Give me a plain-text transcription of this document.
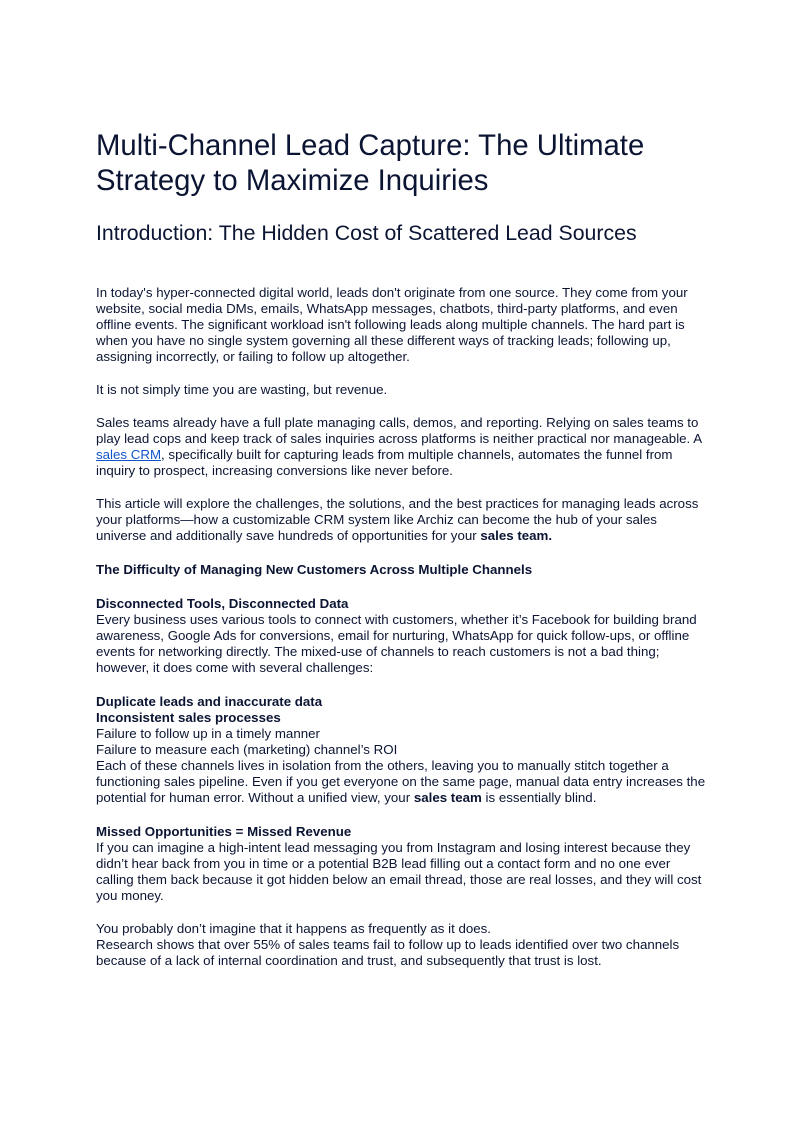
Multi-Channel Lead Capture: The Ultimate
Strategy to Maximize Inquiries
Introduction: The Hidden Cost of Scattered Lead Sources

In today's hyper-connected digital world, leads don't originate from one source. They come from your website, social media DMs, emails, WhatsApp messages, chatbots, third-party platforms, and even offline events. The significant workload isn't following leads along multiple channels. The hard part is when you have no single system governing all these different ways of tracking leads; following up, assigning incorrectly, or failing to follow up altogether.

It is not simply time you are wasting, but revenue.

Sales teams already have a full plate managing calls, demos, and reporting. Relying on sales teams to play lead cops and keep track of sales inquiries across platforms is neither practical nor manageable. A sales CRM, specifically built for capturing leads from multiple channels, automates the funnel from inquiry to prospect, increasing conversions like never before.

This article will explore the challenges, the solutions, and the best practices for managing leads across your platforms—how a customizable CRM system like Archiz can become the hub of your sales universe and additionally save hundreds of opportunities for your sales team.

The Difficulty of Managing New Customers Across Multiple Channels

Disconnected Tools, Disconnected Data

Every business uses various tools to connect with customers, whether it’s Facebook for building brand awareness, Google Ads for conversions, email for nurturing, WhatsApp for quick follow-ups, or offline events for networking directly. The mixed-use of channels to reach customers is not a bad thing; however, it does come with several challenges:

Duplicate leads and inaccurate data

Inconsistent sales processes

Failure to follow up in a timely manner

Failure to measure each (marketing) channel’s ROI

Each of these channels lives in isolation from the others, leaving you to manually stitch together a functioning sales pipeline. Even if you get everyone on the same page, manual data entry increases the potential for human error. Without a unified view, your sales team is essentially blind.

Missed Opportunities = Missed Revenue

If you can imagine a high-intent lead messaging you from Instagram and losing interest because they didn’t hear back from you in time or a potential B2B lead filling out a contact form and no one ever calling them back because it got hidden below an email thread, those are real losses, and they will cost you money.

You probably don’t imagine that it happens as frequently as it does.

Research shows that over 55% of sales teams fail to follow up to leads identified over two channels because of a lack of internal coordination and trust, and subsequently that trust is lost.
